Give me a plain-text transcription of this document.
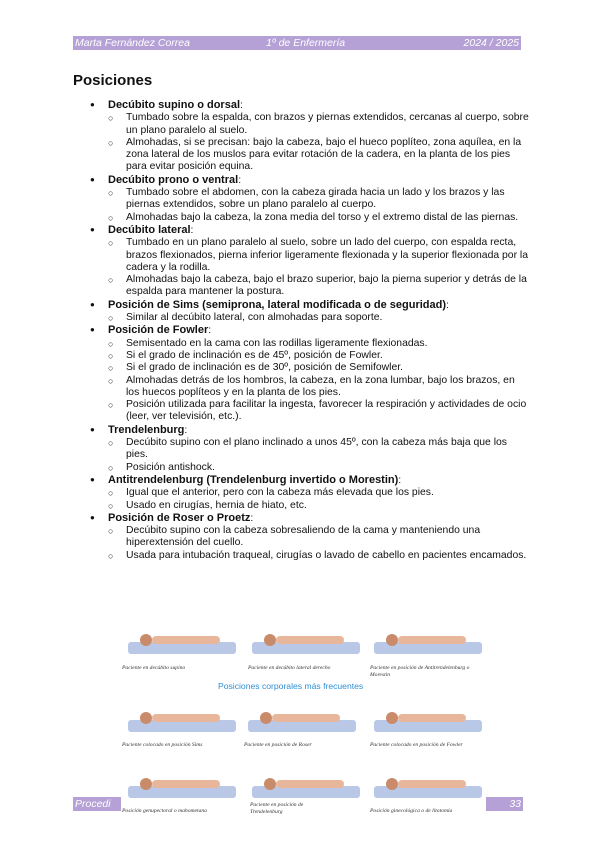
Marta Fernández Correa	1º de Enfermería	2024 / 2025
Posiciones
● Decúbito supino o dorsal:
○ Tumbado sobre la espalda, con brazos y piernas extendidos, cercanas al cuerpo, sobre un plano paralelo al suelo.
○ Almohadas, si se precisan: bajo la cabeza, bajo el hueco poplíteo, zona aquílea, en la zona lateral de los muslos para evitar rotación de la cadera, en la planta de los pies para evitar posición equina.
● Decúbito prono o ventral:
○ Tumbado sobre el abdomen, con la cabeza girada hacia un lado y los brazos y las piernas extendidos, sobre un plano paralelo al cuerpo.
○ Almohadas bajo la cabeza, la zona media del torso y el extremo distal de las piernas.
● Decúbito lateral:
○ Tumbado en un plano paralelo al suelo, sobre un lado del cuerpo, con espalda recta, brazos flexionados, pierna inferior ligeramente flexionada y la superior flexionada por la cadera y la rodilla.
○ Almohadas bajo la cabeza, bajo el brazo superior, bajo la pierna superior y detrás de la espalda para mantener la postura.
● Posición de Sims (semiprona, lateral modificada o de seguridad):
○ Similar al decúbito lateral, con almohadas para soporte.
● Posición de Fowler:
○ Semisentado en la cama con las rodillas ligeramente flexionadas.
○ Si el grado de inclinación es de 45º, posición de Fowler.
○ Si el grado de inclinación es de 30º, posición de Semifowler.
○ Almohadas detrás de los hombros, la cabeza, en la zona lumbar, bajo los brazos, en los huecos poplíteos y en la planta de los pies.
○ Posición utilizada para facilitar la ingesta, favorecer la respiración y actividades de ocio (leer, ver televisión, etc.).
● Trendelenburg:
○ Decúbito supino con el plano inclinado a unos 45º, con la cabeza más baja que los pies.
○ Posición antishock.
● Antitrendelenburg (Trendelenburg invertido o Morestin):
○ Igual que el anterior, pero con la cabeza más elevada que los pies.
○ Usado en cirugías, hernia de hiato, etc.
● Posición de Roser o Proetz:
○ Decúbito supino con la cabeza sobresaliendo de la cama y manteniendo una hiperextensión del cuello.
○ Usada para intubación traqueal, cirugías o lavado de cabello en pacientes encamados.
Paciente en decúbito supino	Paciente en decúbito lateral derecho	Paciente en posición de Antitrendelenburg o Morestin
Posiciones corporales más frecuentes
Paciente colocado en posición Sims	Paciente en posición de Roser	Paciente colocado en posición de Fowler
Posición genupectoral o mahometana
Paciente en posición de Trendelenburg	Posición ginecológica o de litotomía
Procedi	33
